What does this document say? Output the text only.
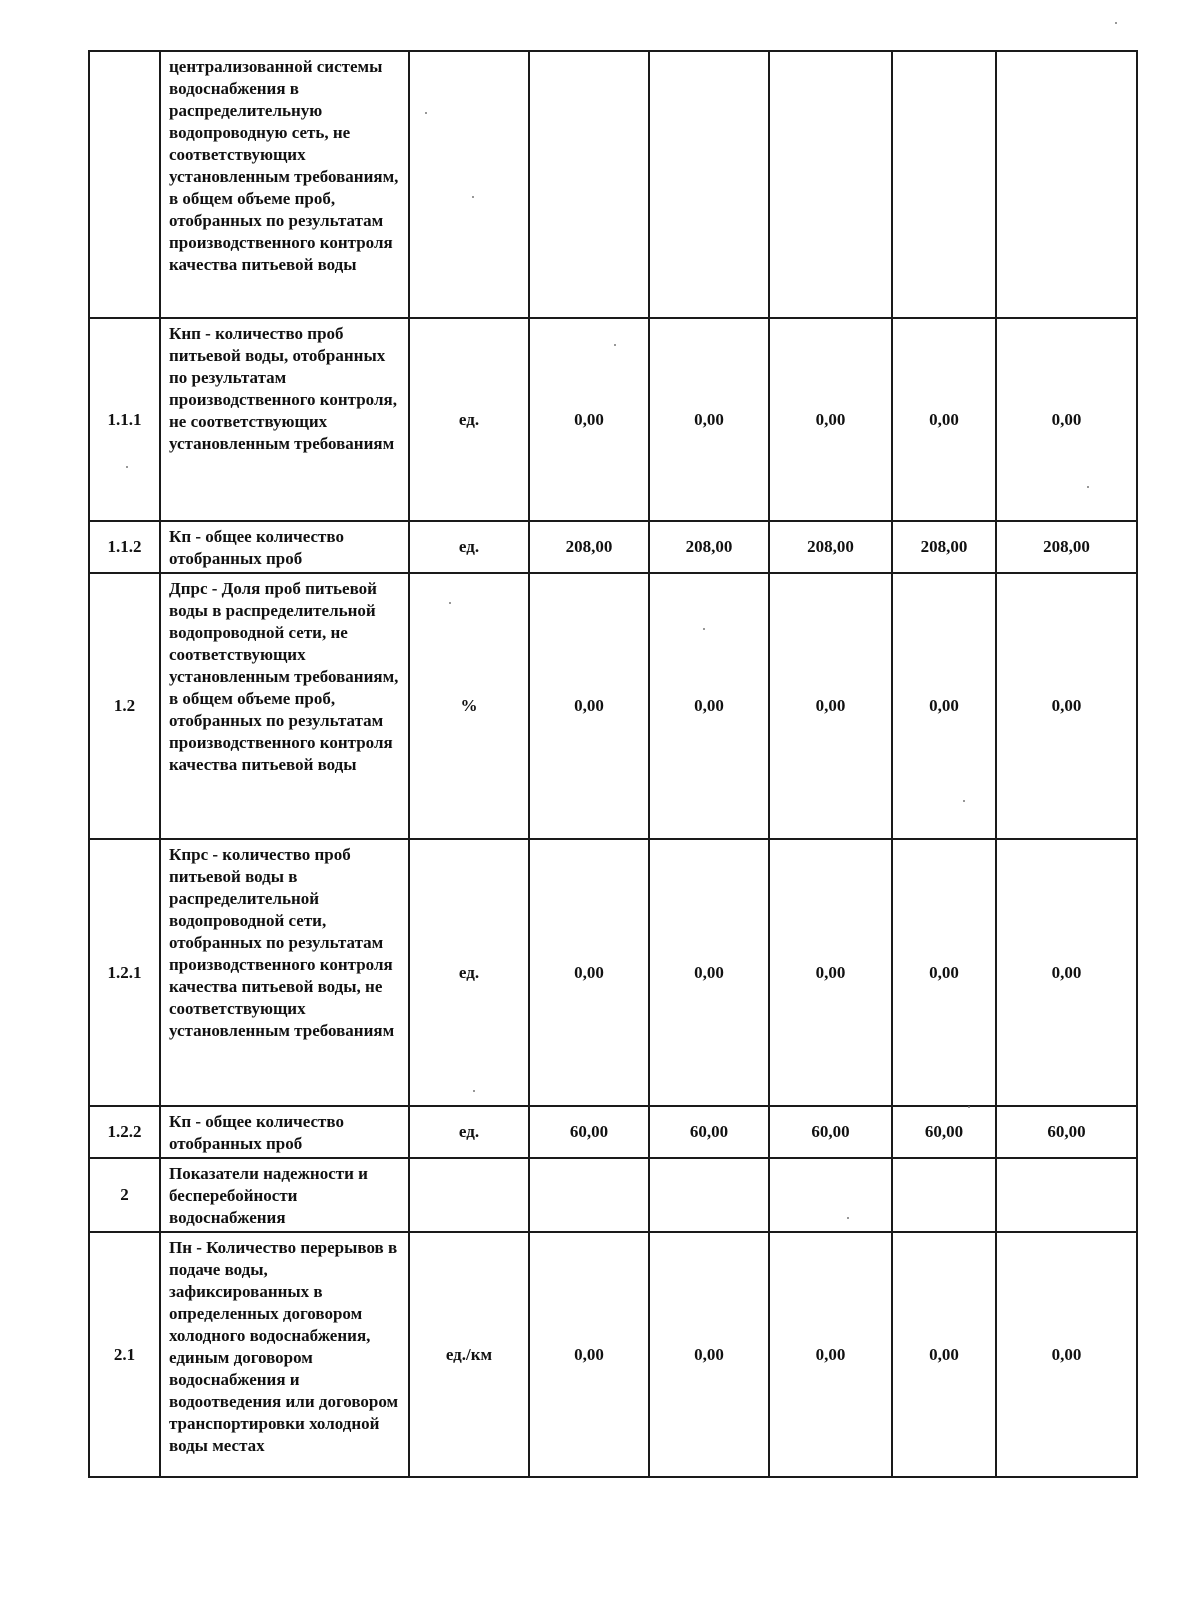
	централизованной системы водоснабжения в распределительную водопроводную сеть, не соответствующих установленным требованиям, в общем объеме проб, отобранных по результатам производственного контроля качества питьевой воды						
1.1.1	Кнп - количество проб питьевой воды, отобранных по результатам производственного контроля, не соответствующих установленным требованиям	ед.	0,00	0,00	0,00	0,00	0,00
1.1.2	Кп - общее количество отобранных проб	ед.	208,00	208,00	208,00	208,00	208,00
1.2	Дпрс - Доля проб питьевой воды в распределительной водопроводной сети, не соответствующих установленным требованиям, в общем объеме проб, отобранных по результатам производственного контроля качества питьевой воды	%	0,00	0,00	0,00	0,00	0,00
1.2.1	Кпрс - количество проб питьевой воды в распределительной водопроводной сети, отобранных по результатам производственного контроля качества питьевой воды, не соответствующих установленным требованиям	ед.	0,00	0,00	0,00	0,00	0,00
1.2.2	Кп - общее количество отобранных проб	ед.	60,00	60,00	60,00	60,00	60,00
2	Показатели надежности и бесперебойности водоснабжения						
2.1	Пн - Количество перерывов в подаче воды, зафиксированных в определенных договором холодного водоснабжения, единым договором водоснабжения и водоотведения или договором транспортировки холодной воды местах	ед./км	0,00	0,00	0,00	0,00	0,00
